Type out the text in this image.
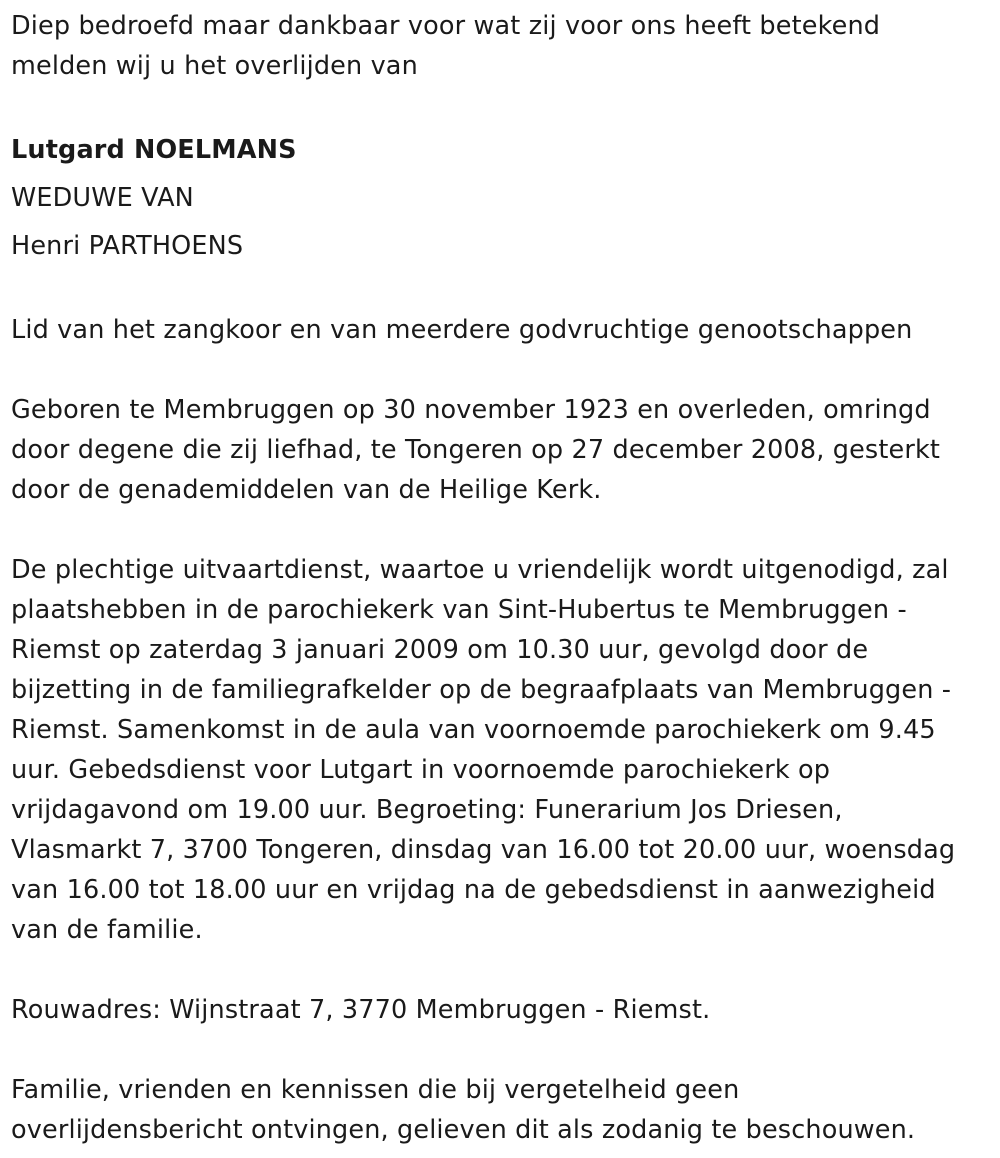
Diep bedroefd maar dankbaar voor wat zij voor ons heeft betekend
melden wij u het overlijden van
Lutgard NOELMANS
WEDUWE VAN
Henri PARTHOENS
Lid van het zangkoor en van meerdere godvruchtige genootschappen
Geboren te Membruggen op 30 november 1923 en overleden, omringd
door degene die zij liefhad, te Tongeren op 27 december 2008, gesterkt
door de genademiddelen van de Heilige Kerk.
De plechtige uitvaartdienst, waartoe u vriendelijk wordt uitgenodigd, zal
plaatshebben in de parochiekerk van Sint-Hubertus te Membruggen -
Riemst op zaterdag 3 januari 2009 om 10.30 uur, gevolgd door de
bijzetting in de familiegrafkelder op de begraafplaats van Membruggen -
Riemst. Samenkomst in de aula van voornoemde parochiekerk om 9.45
uur. Gebedsdienst voor Lutgart in voornoemde parochiekerk op
vrijdagavond om 19.00 uur. Begroeting: Funerarium Jos Driesen,
Vlasmarkt 7, 3700 Tongeren, dinsdag van 16.00 tot 20.00 uur, woensdag
van 16.00 tot 18.00 uur en vrijdag na de gebedsdienst in aanwezigheid
van de familie.
Rouwadres: Wijnstraat 7, 3770 Membruggen - Riemst.
Familie, vrienden en kennissen die bij vergetelheid geen
overlijdensbericht ontvingen, gelieven dit als zodanig te beschouwen.
